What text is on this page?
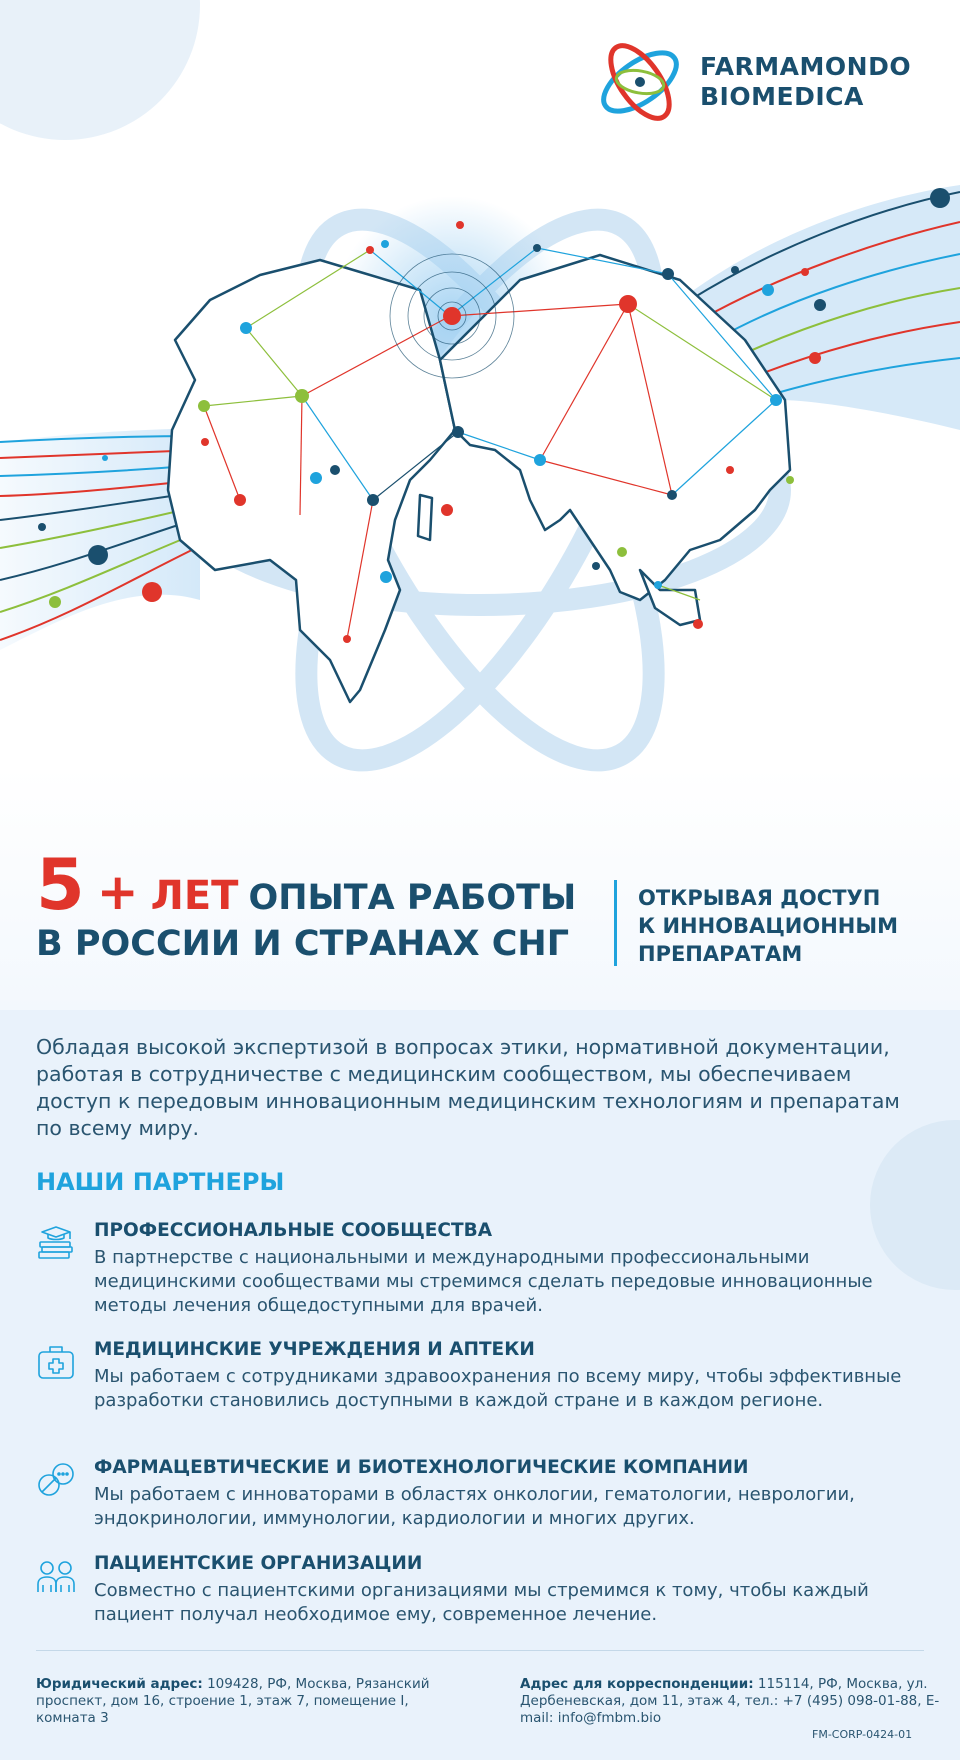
FARMAMONDO
BIOMEDICA
5 + ЛЕТ ОПЫТА РАБОТЫ
В РОССИИ И СТРАНАХ СНГ
ОТКРЫВАЯ ДОСТУП
К ИННОВАЦИОННЫМ
ПРЕПАРАТАМ
Обладая высокой экспертизой в вопросах этики, нормативной документации, работая в сотрудничестве с медицинским сообществом, мы обеспечиваем доступ к передовым инновационным медицинским технологиям и препаратам по всему миру.
НАШИ ПАРТНЕРЫ
ПРОФЕССИОНАЛЬНЫЕ СООБЩЕСТВА
В партнерстве с национальными и международными профессиональными медицинскими сообществами мы стремимся сделать передовые инновационные методы лечения общедоступными для врачей.
МЕДИЦИНСКИЕ УЧРЕЖДЕНИЯ И АПТЕКИ
Мы работаем с сотрудниками здравоохранения по всему миру, чтобы эффективные разработки становились доступными в каждой стране и в каждом регионе.
ФАРМАЦЕВТИЧЕСКИЕ И БИОТЕХНОЛОГИЧЕСКИЕ КОМПАНИИ
Мы работаем с инноваторами в областях онкологии, гематологии, неврологии, эндокринологии, иммунологии, кардиологии и многих других.
ПАЦИЕНТСКИЕ ОРГАНИЗАЦИИ
Совместно с пациентскими организациями мы стремимся к тому, чтобы каждый пациент получал необходимое ему, современное лечение.
Юридический адрес: 109428, РФ, Москва, Рязанский проспект, дом 16, строение 1, этаж 7, помещение I, комната 3
Адрес для корреспонденции: 115114, РФ, Москва, ул. Дербеневская, дом 11, этаж 4, тел.: +7 (495) 098-01-88, E-mail: info@fmbm.bio
FM-CORP-0424-01
